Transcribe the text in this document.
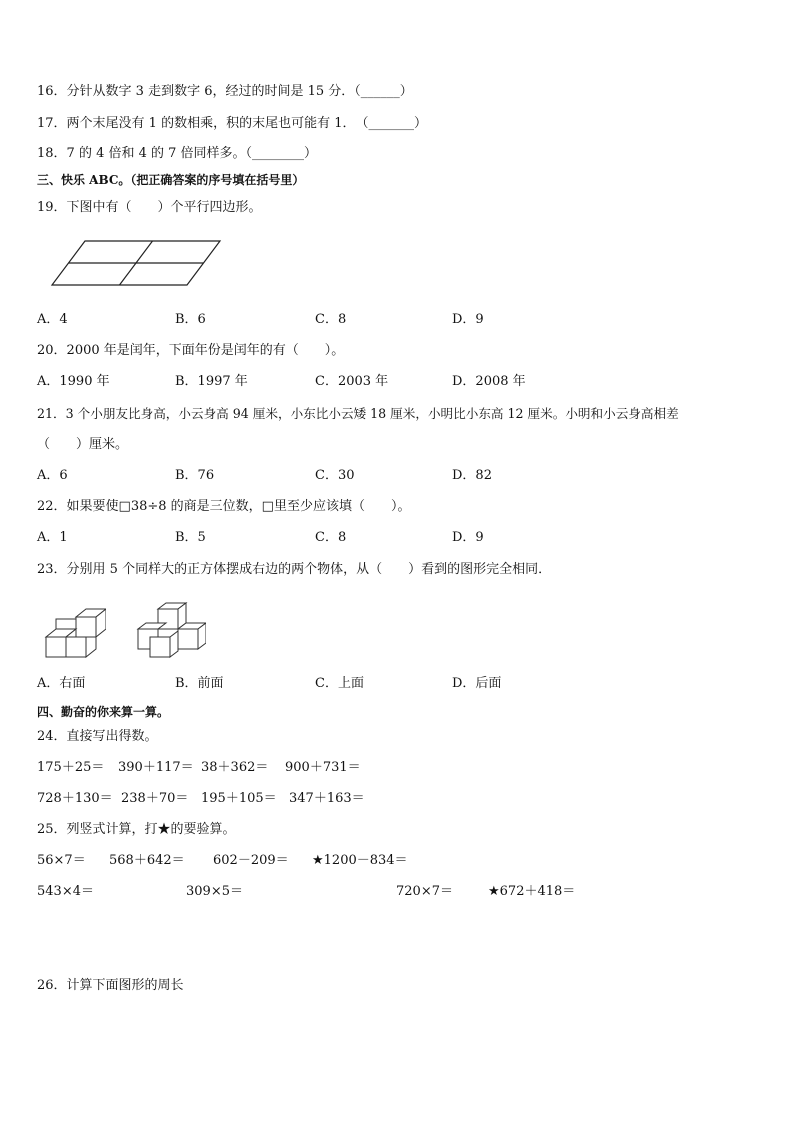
16．分针从数字 3 走到数字 6，经过的时间是 15 分．（______）
17．两个末尾没有 1 的数相乘，积的末尾也可能有 1．　（_______）
18．7 的 4 倍和 4 的 7 倍同样多。（________）
三、快乐 ABC。（把正确答案的序号填在括号里）
19．下图中有（　　）个平行四边形。
A．4	B．6	C．8	D．9
20．2000 年是闰年，下面年份是闰年的有（　　）。
A．1990 年	B．1997 年	C．2003 年	D．2008 年
21．3 个小朋友比身高，小云身高 94 厘米，小东比小云矮 18 厘米，小明比小东高 12 厘米。小明和小云身高相差
（　　）厘米。
A．6	B．76	C．30	D．82
22．如果要使□38÷8 的商是三位数，□里至少应该填（　　）。
A．1	B．5	C．8	D．9
23．分别用 5 个同样大的正方体摆成右边的两个物体，从（　　）看到的图形完全相同．
A．右面	B．前面	C．上面	D．后面
四、勤奋的你来算一算。
24．直接写出得数。
175＋25＝ 390＋117＝ 38＋362＝ 900＋731＝
728＋130＝ 238＋70＝ 195＋105＝ 347＋163＝
25．列竖式计算，打★的要验算。
56×7＝ 568＋642＝ 602－209＝ ★1200－834＝
543×4＝	309×5＝	720×7＝	★672＋418＝
26．计算下面图形的周长
